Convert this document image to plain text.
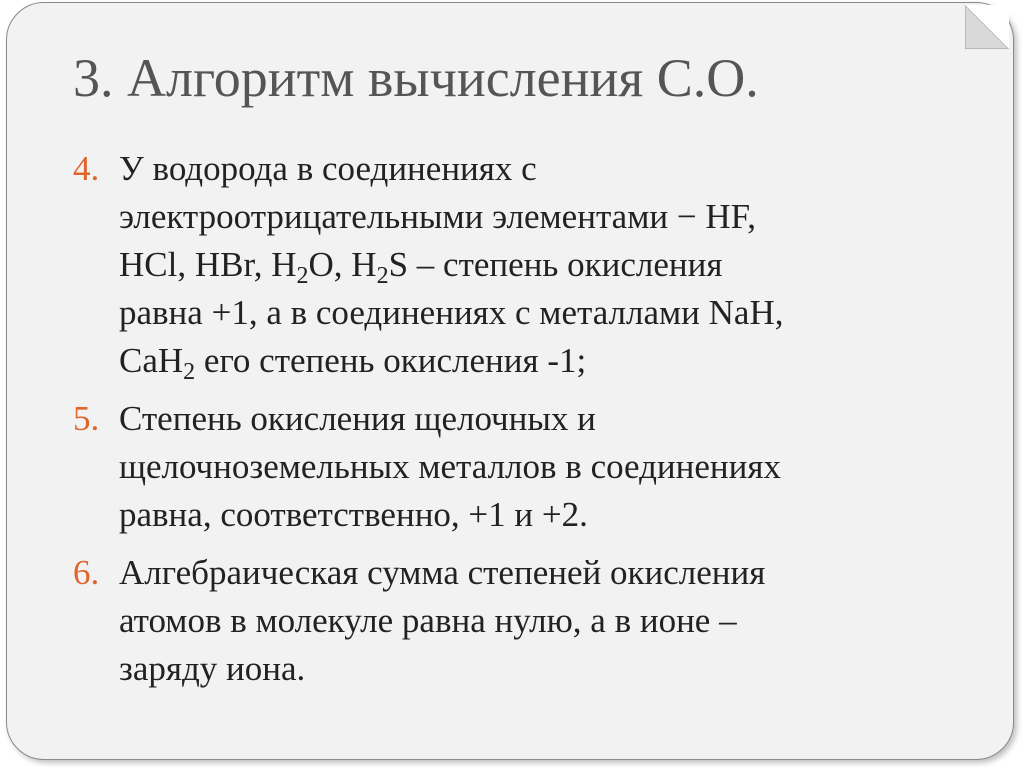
3. Алгоритм вычисления С.О.
4. У водорода в соединениях с
электроотрицательными элементами − HF,
HCl, HBr, $H_2O$, $H_2S$ – степень окисления
равна +1, а в соединениях с металлами NaH,
CaH$_2$ его степень окисления -1;
5. Степень окисления щелочных и
щелочноземельных металлов в соединениях
равна, соответственно, +1 и +2.
6. Алгебраическая сумма степеней окисления
атомов в молекуле равна нулю, а в ионе –
заряду иона.
